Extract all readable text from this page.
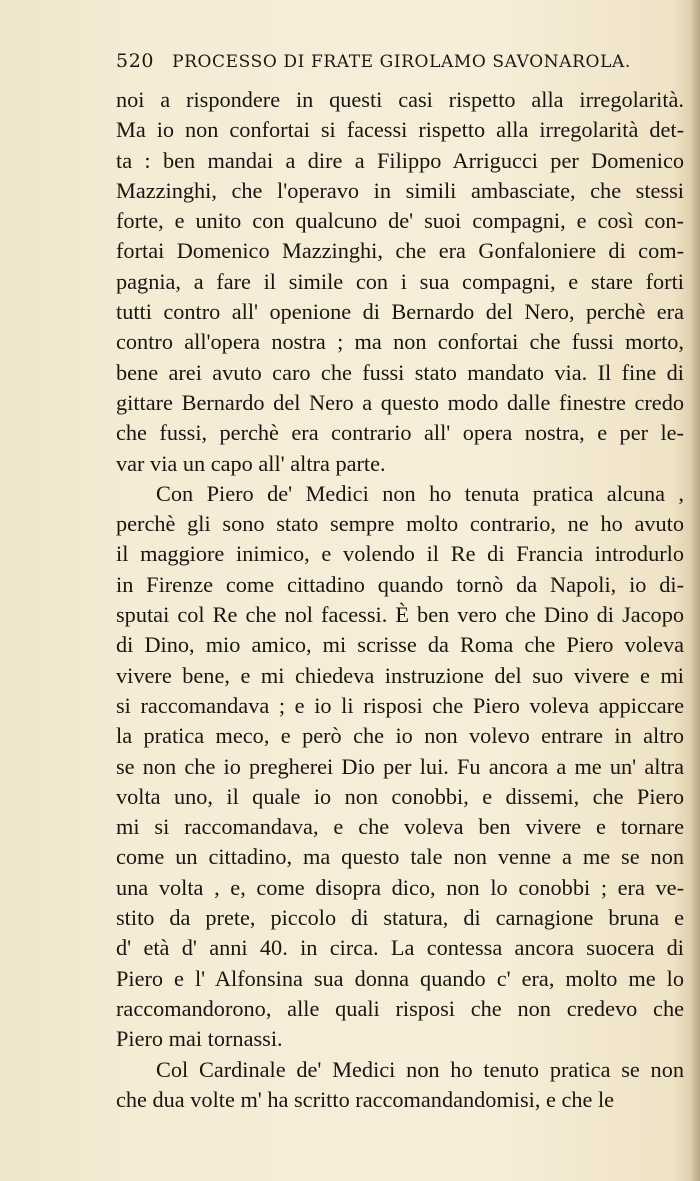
520 PROCESSO DI FRATE GIROLAMO SAVONAROLA.
noi a rispondere in questi casi rispetto alla irregolarità.
Ma io non confortai si facessi rispetto alla irregolarità det-
ta : ben mandai a dire a Filippo Arrigucci per Domenico
Mazzinghi, che l'operavo in simili ambasciate, che stessi
forte, e unito con qualcuno de' suoi compagni, e così con-
fortai Domenico Mazzinghi, che era Gonfaloniere di com-
pagnia, a fare il simile con i sua compagni, e stare forti
tutti contro all' openione di Bernardo del Nero, perchè era
contro all'opera nostra ; ma non confortai che fussi morto,
bene arei avuto caro che fussi stato mandato via. Il fine di
gittare Bernardo del Nero a questo modo dalle finestre credo
che fussi, perchè era contrario all' opera nostra, e per le-
var via un capo all' altra parte.
Con Piero de' Medici non ho tenuta pratica alcuna ,
perchè gli sono stato sempre molto contrario, ne ho avuto
il maggiore inimico, e volendo il Re di Francia introdurlo
in Firenze come cittadino quando tornò da Napoli, io di-
sputai col Re che nol facessi. È ben vero che Dino di Jacopo
di Dino, mio amico, mi scrisse da Roma che Piero voleva
vivere bene, e mi chiedeva instruzione del suo vivere e mi
si raccomandava ; e io li risposi che Piero voleva appiccare
la pratica meco, e però che io non volevo entrare in altro
se non che io pregherei Dio per lui. Fu ancora a me un' altra
volta uno, il quale io non conobbi, e dissemi, che Piero
mi si raccomandava, e che voleva ben vivere e tornare
come un cittadino, ma questo tale non venne a me se non
una volta , e, come disopra dico, non lo conobbi ; era ve-
stito da prete, piccolo di statura, di carnagione bruna e
d' età d' anni 40. in circa. La contessa ancora suocera di
Piero e l' Alfonsina sua donna quando c' era, molto me lo
raccomandorono, alle quali risposi che non credevo che
Piero mai tornassi.
Col Cardinale de' Medici non ho tenuto pratica se non
che dua volte m' ha scritto raccomandandomisi, e che le
